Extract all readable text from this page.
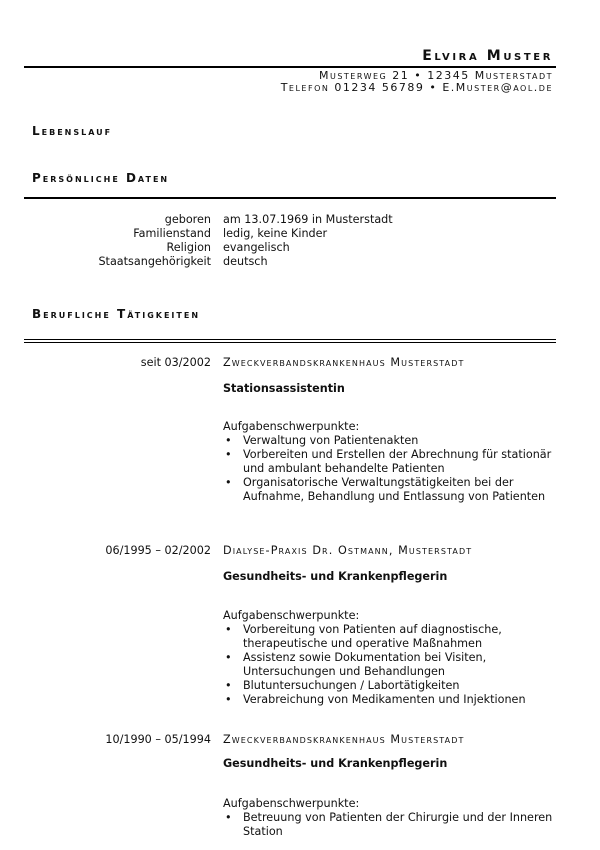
Elvira Muster
Musterweg 21 • 12345 Musterstadt
Telefon 01234 56789 • E.Muster@aol.de
Lebenslauf
Persönliche Daten
geboren am 13.07.1969 in Musterstadt
Familienstand ledig, keine Kinder
Religion evangelisch
Staatsangehörigkeit deutsch
Berufliche Tätigkeiten
seit 03/2002 Zweckverbandskrankenhaus Musterstadt
Stationsassistentin
Aufgabenschwerpunkte:
• Verwaltung von Patientenakten
• Vorbereiten und Erstellen der Abrechnung für stationär und ambulant behandelte Patienten
• Organisatorische Verwaltungstätigkeiten bei der Aufnahme, Behandlung und Entlassung von Patienten
06/1995 – 02/2002 Dialyse-Praxis Dr. Ostmann, Musterstadt
Gesundheits- und Krankenpflegerin
Aufgabenschwerpunkte:
• Vorbereitung von Patienten auf diagnostische, therapeutische und operative Maßnahmen
• Assistenz sowie Dokumentation bei Visiten, Untersuchungen und Behandlungen
• Blutuntersuchungen / Labortätigkeiten
• Verabreichung von Medikamenten und Injektionen
10/1990 – 05/1994 Zweckverbandskrankenhaus Musterstadt
Gesundheits- und Krankenpflegerin
Aufgabenschwerpunkte:
• Betreuung von Patienten der Chirurgie und der Inneren Station
